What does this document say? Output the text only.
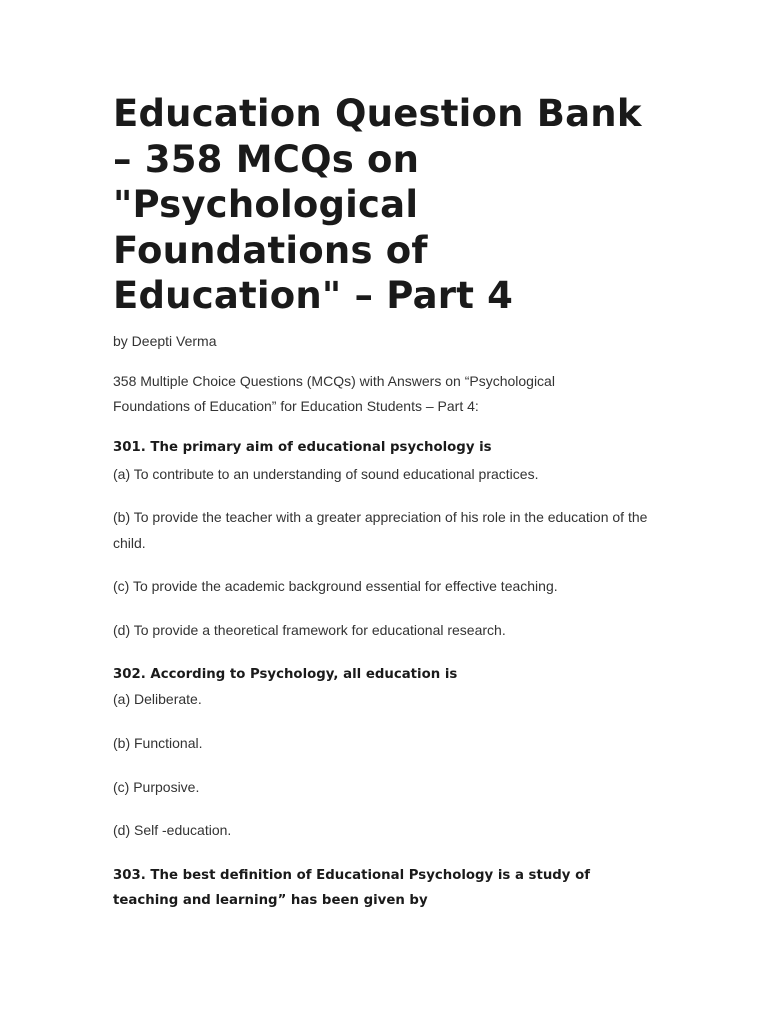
Education Question Bank – 358 MCQs on "Psychological Foundations of Education" – Part 4
by Deepti Verma
358 Multiple Choice Questions (MCQs) with Answers on “Psychological Foundations of Education” for Education Students – Part 4:
301. The primary aim of educational psychology is
(a) To contribute to an understanding of sound educational practices.
(b) To provide the teacher with a greater appreciation of his role in the education of the child.
(c) To provide the academic background essential for effective teaching.
(d) To provide a theoretical framework for educational research.
302. According to Psychology, all education is
(a) Deliberate.
(b) Functional.
(c) Purposive.
(d) Self -education.
303. The best definition of Educational Psychology is a study of teaching and learning” has been given by
